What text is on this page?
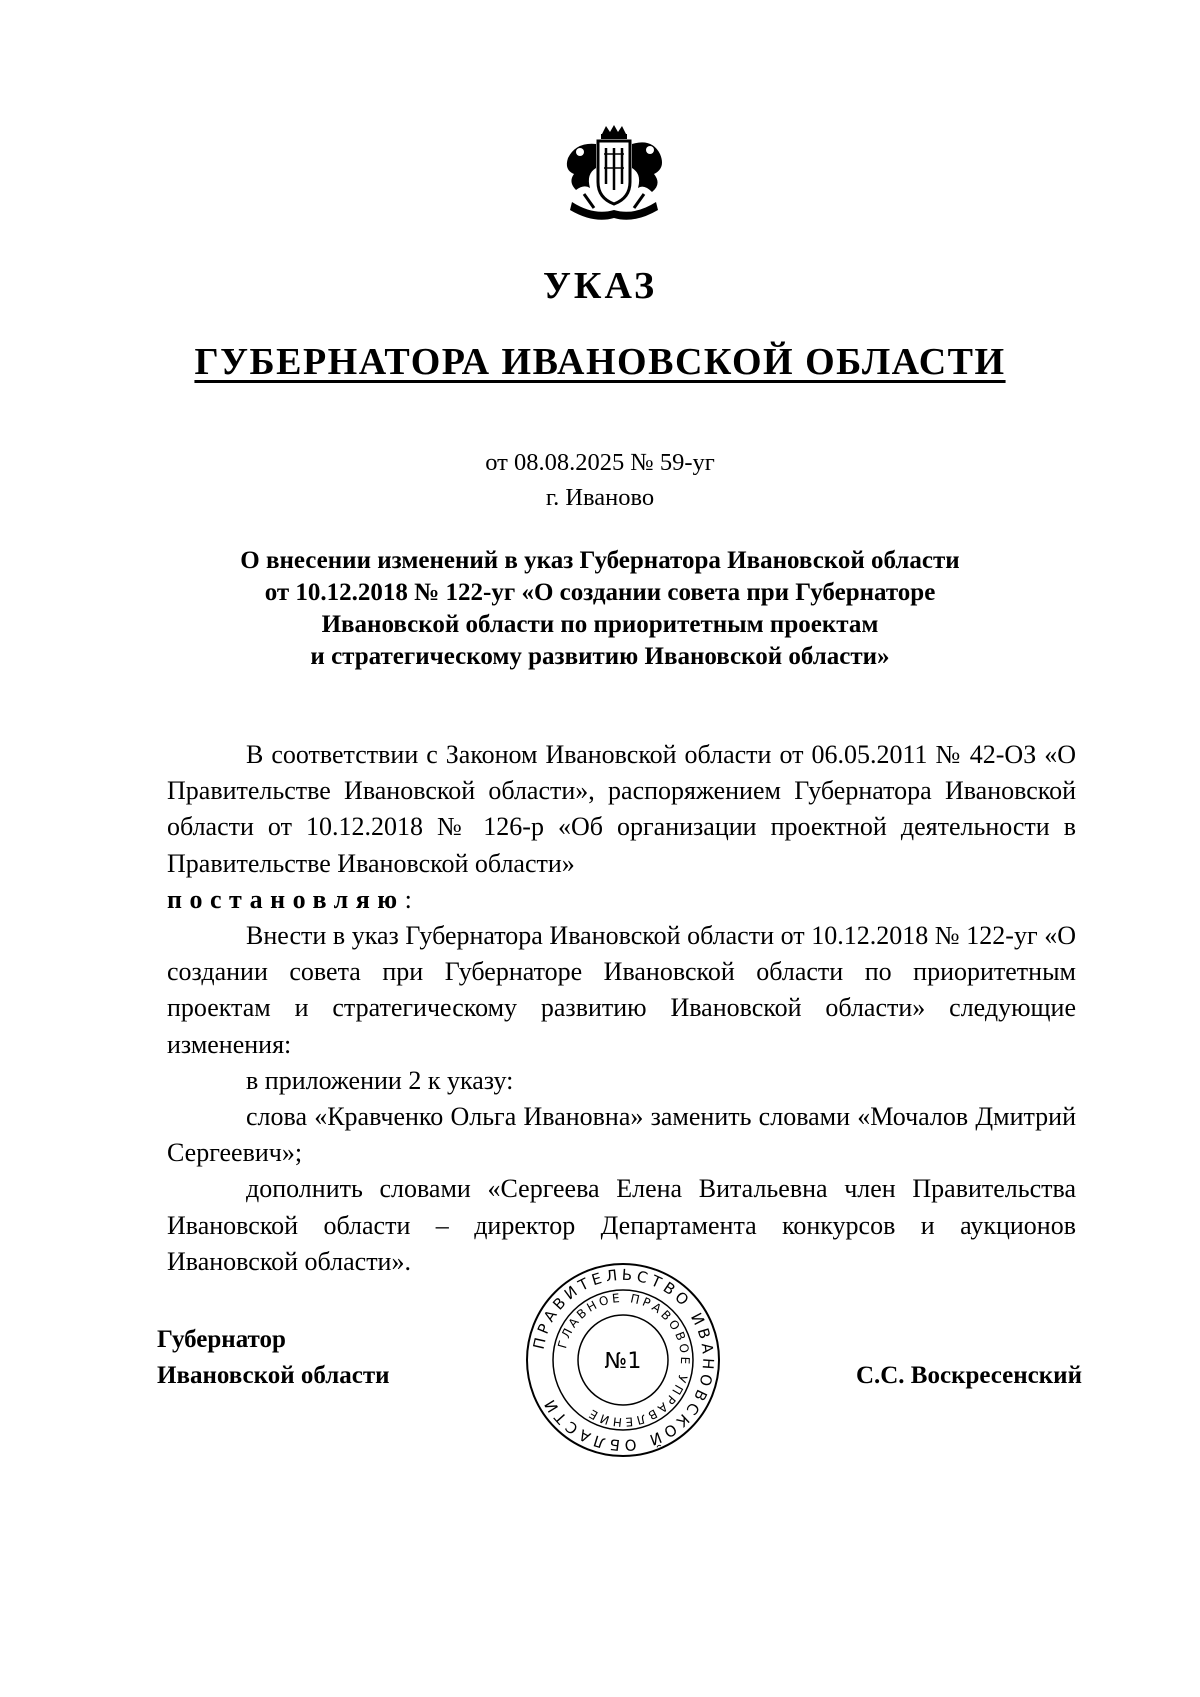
УКАЗ
ГУБЕРНАТОРА ИВАНОВСКОЙ ОБЛАСТИ
от 08.08.2025 № 59-уг
г. Иваново
О внесении изменений в указ Губернатора Ивановской области
от 10.12.2018 № 122-уг «О создании совета при Губернаторе
Ивановской области по приоритетным проектам
и стратегическому развитию Ивановской области»

В соответствии с Законом Ивановской области от 06.05.2011 № 42-ОЗ «О Правительстве Ивановской области», распоряжением Губернатора Ивановской области от 10.12.2018 № 126-р «Об организации проектной деятельности в Правительстве Ивановской области»

постановляю:

Внести в указ Губернатора Ивановской области от 10.12.2018 № 122-уг «О создании совета при Губернаторе Ивановской области по приоритетным проектам и стратегическому развитию Ивановской области» следующие изменения:

в приложении 2 к указу:

слова «Кравченко Ольга Ивановна» заменить словами «Мочалов Дмитрий Сергеевич»;

дополнить словами «Сергеева Елена Витальевна член Правительства Ивановской области – директор Департамента конкурсов и аукционов Ивановской области».

Губернатор
Ивановской области
ПРАВИТЕЛЬСТВО ИВАНОВСКОЙ ОБЛАСТИ
ГЛАВНОЕ ПРАВОВОЕ УПРАВЛЕНИЕ
№1
С.С. Воскресенский
